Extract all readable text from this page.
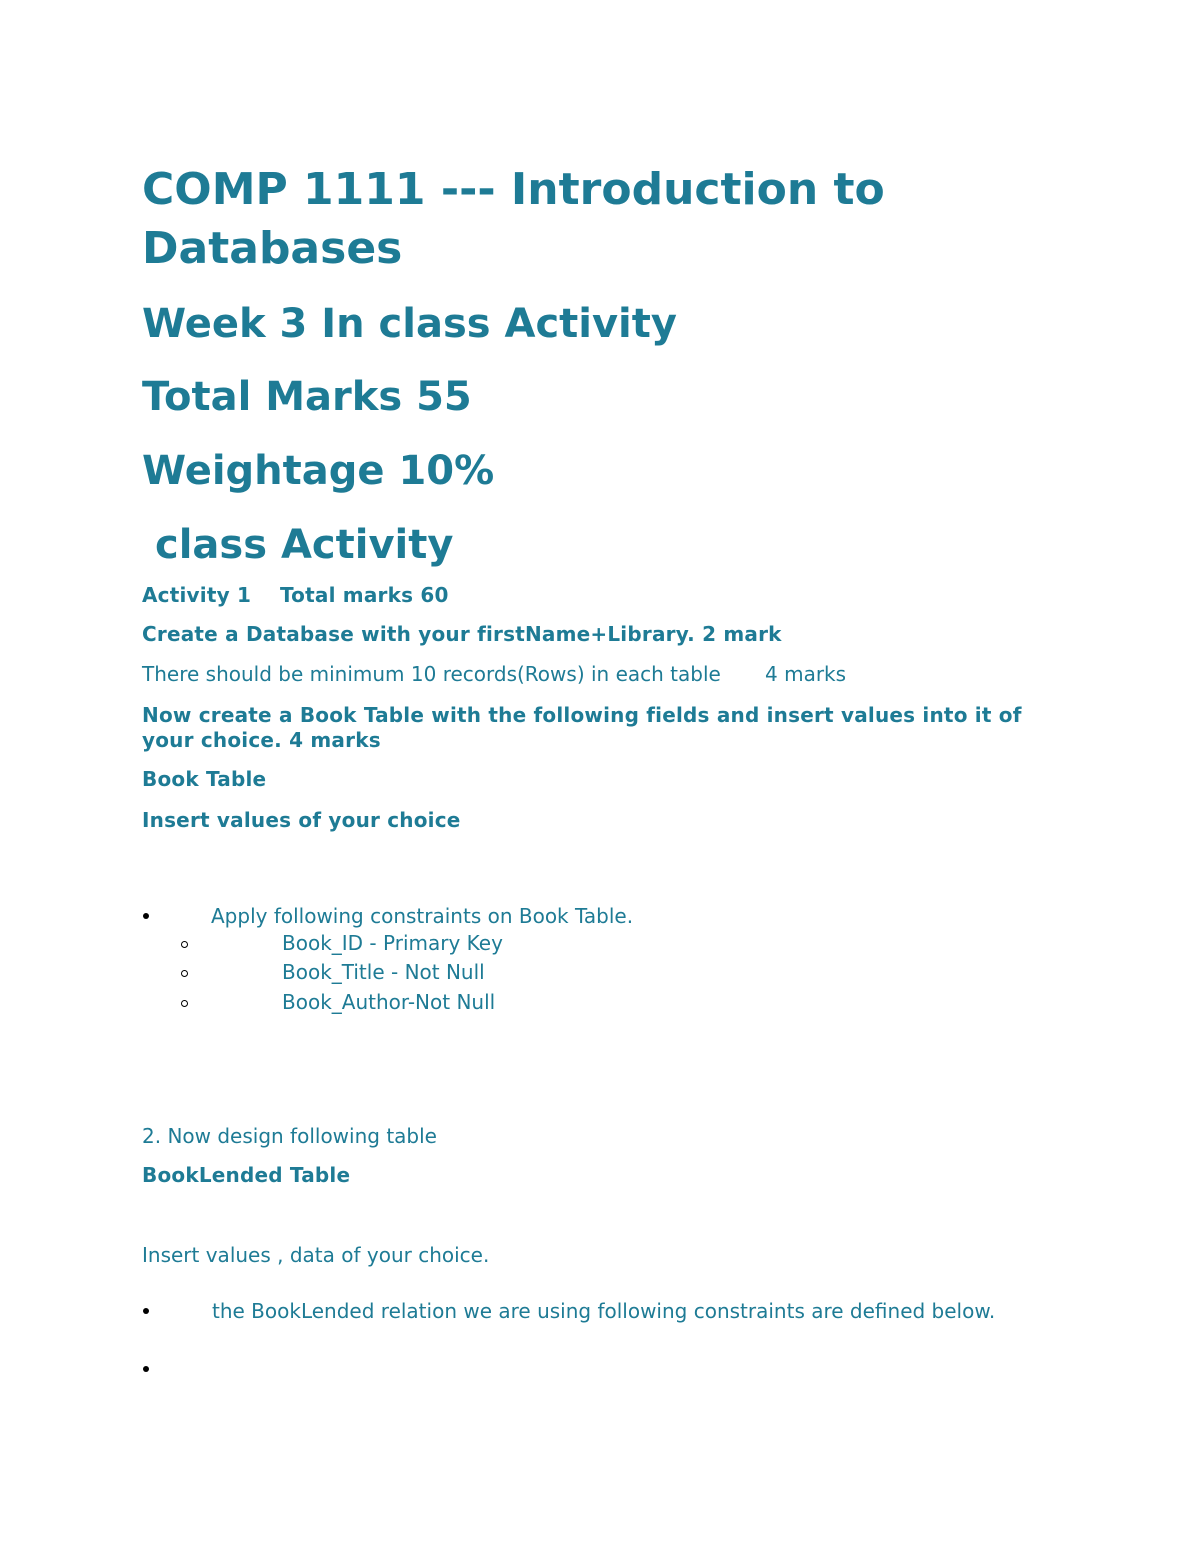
COMP 1111 --- Introduction to Databases
Week 3 In class Activity
Total Marks 55
Weightage 10%
class Activity

Activity 1 Total marks 60

Create a Database with your firstName+Library. 2 mark

There should be minimum 10 records(Rows) in each table 4 marks

Now create a Book Table with the following fields and insert values into it of your choice. 4 marks

Book Table

Insert values of your choice

Apply following constraints on Book Table.

Book_ID - Primary Key

Book_Title - Not Null

Book_Author-Not Null

2. Now design following table

BookLended Table

Insert values , data of your choice.

the BookLended relation we are using following constraints are defined below.
